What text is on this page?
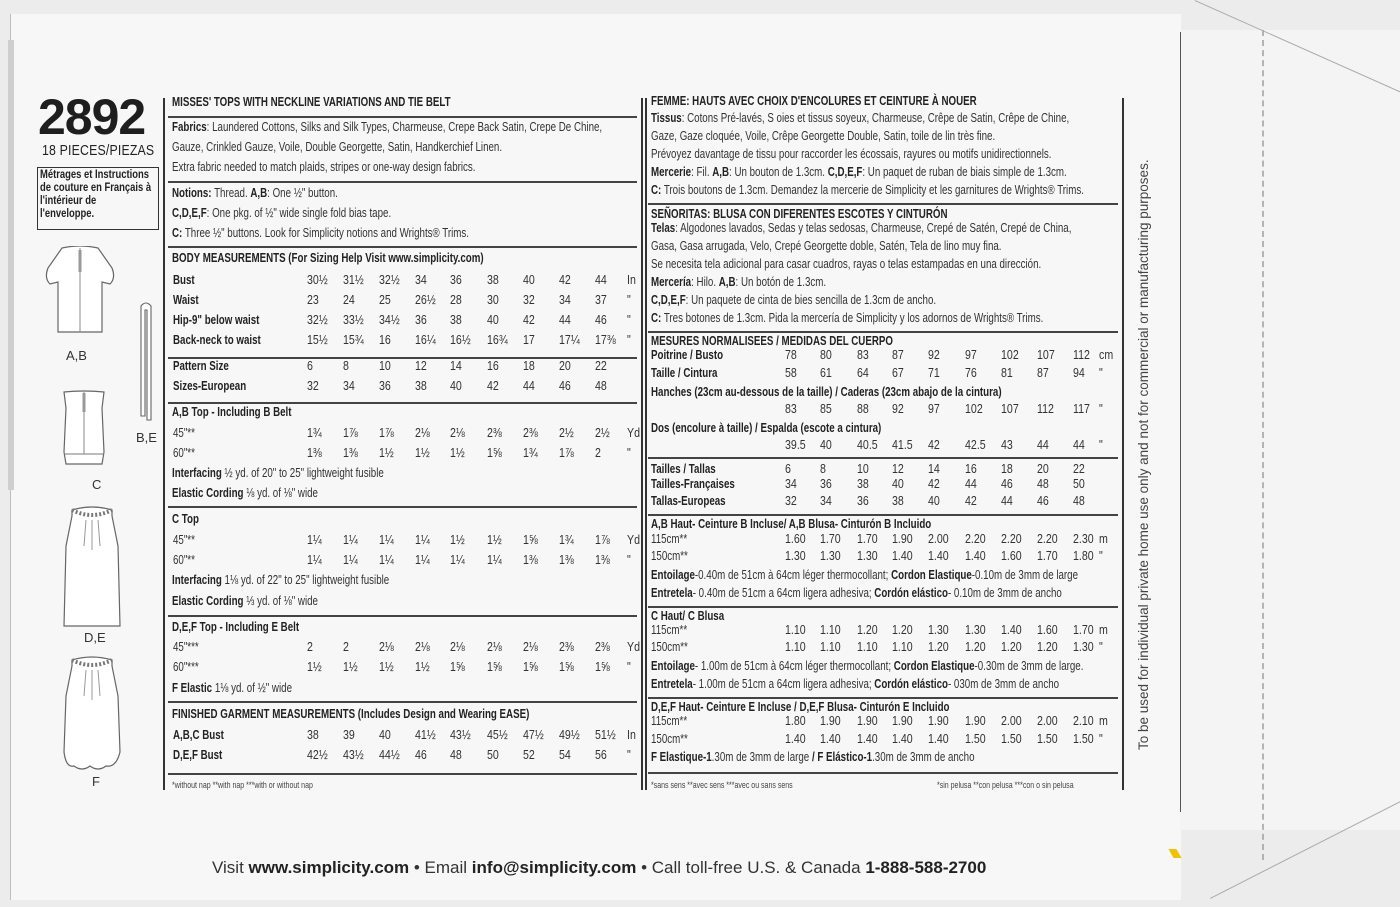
2892
18 PIECES/PIEZAS
Métrages et Instructions
de couture en Français à
l'intérieur de
l'enveloppe.
A,B
C
B,E
D,E
F
MISSES' TOPS WITH NECKLINE VARIATIONS AND TIE BELT
Fabrics: Laundered Cottons, Silks and Silk Types, Charmeuse, Crepe Back Satin, Crepe De Chine,
Gauze, Crinkled Gauze, Voile, Double Georgette, Satin, Handkerchief Linen.
Extra fabric needed to match plaids, stripes or one-way design fabrics.
Notions: Thread. A,B: One ½" button.
C,D,E,F: One pkg. of ½" wide single fold bias tape.
C: Three ½" buttons. Look for Simplicity notions and Wrights® Trims.
BODY MEASUREMENTS (For Sizing Help Visit www.simplicity.com)
Bust	30½ 31½ 32½ 34 36 38 40 42 44 In
Waist	23 24 25 26½ 28 30 32 34 37 "
Hip-9" below waist	32½ 33½ 34½ 36 38 40 42 44 46 "
Back-neck to waist	15½ 15¾ 16 16¼ 16½ 16¾ 17 17¼ 17⅜ "
Pattern Size	6 8 10 12 14 16 18 20 22
Sizes-European	32 34 36 38 40 42 44 46 48
A,B Top - Including B Belt
45"**	1¾ 1⅞ 1⅞ 2⅛ 2⅛ 2⅜ 2⅜ 2½ 2½ Yd
60"**	1⅜ 1⅜ 1½ 1½ 1½ 1⅝ 1¾ 1⅞ 2 "
Interfacing ½ yd. of 20" to 25" lightweight fusible
Elastic Cording ⅛ yd. of ⅛" wide
C Top
45"**	1¼ 1¼ 1¼ 1¼ 1½ 1½ 1⅝ 1¾ 1⅞ Yd
60"**	1¼ 1¼ 1¼ 1¼ 1¼ 1¼ 1⅜ 1⅜ 1⅜ "
Interfacing 1⅛ yd. of 22" to 25" lightweight fusible
Elastic Cording ⅓ yd. of ⅛" wide
D,E,F Top - Including E Belt
45"***	2 2 2⅛ 2⅛ 2⅛ 2⅛ 2⅛ 2⅜ 2⅜ Yd
60"***	1½ 1½ 1½ 1½ 1⅝ 1⅝ 1⅝ 1⅝ 1⅝ "
F Elastic 1⅛ yd. of ½" wide
FINISHED GARMENT MEASUREMENTS (Includes Design and Wearing EASE)
A,B,C Bust	38 39 40 41½ 43½ 45½ 47½ 49½ 51½ In
D,E,F Bust	42½ 43½ 44½ 46 48 50 52 54 56 "
*without nap **with nap ***with or without nap
FEMME: HAUTS AVEC CHOIX D'ENCOLURES ET CEINTURE À NOUER
Tissus: Cotons Pré-lavés, S oies et tissus soyeux, Charmeuse, Crêpe de Satin, Crêpe de Chine,
Gaze, Gaze cloquée, Voile, Crêpe Georgette Double, Satin, toile de lin très fine.
Prévoyez davantage de tissu pour raccorder les écossais, rayures ou motifs unidirectionnels.
Mercerie: Fil. A,B: Un bouton de 1.3cm. C,D,E,F: Un paquet de ruban de biais simple de 1.3cm.
C: Trois boutons de 1.3cm. Demandez la mercerie de Simplicity et les garnitures de Wrights® Trims.
SEÑORITAS: BLUSA CON DIFERENTES ESCOTES Y CINTURÓN
Telas: Algodones lavados, Sedas y telas sedosas, Charmeuse, Crepé de Satén, Crepé de China,
Gasa, Gasa arrugada, Velo, Crepé Georgette doble, Satén, Tela de lino muy fina.
Se necesita tela adicional para casar cuadros, rayas o telas estampadas en una dirección.
Mercería: Hilo. A,B: Un botón de 1.3cm.
C,D,E,F: Un paquete de cinta de bies sencilla de 1.3cm de ancho.
C: Tres botones de 1.3cm. Pida la mercería de Simplicity y los adornos de Wrights® Trims.
MESURES NORMALISEES / MEDIDAS DEL CUERPO
Poitrine / Busto	78 80 83 87 92 97 102 107 112 cm
Taille / Cintura	58 61 64 67 71 76 81 87 94 "
Hanches (23cm au-dessous de la taille) / Caderas (23cm abajo de la cintura)
83 85 88 92 97 102 107 112 117 "
Dos (encolure à taille) / Espalda (escote a cintura)
39.5 40 40.5 41.5 42 42.5 43 44 44 "
Tailles / Tallas	6 8 10 12 14 16 18 20 22
Tailles-Françaises	34 36 38 40 42 44 46 48 50
Tallas-Europeas	32 34 36 38 40 42 44 46 48
A,B Haut- Ceinture B Incluse/ A,B Blusa- Cinturón B Incluido
115cm**	1.60 1.70 1.70 1.90 2.00 2.20 2.20 2.20 2.30 m
150cm**	1.30 1.30 1.30 1.40 1.40 1.40 1.60 1.70 1.80 "
Entoilage-0.40m de 51cm à 64cm léger thermocollant; Cordon Elastique-0.10m de 3mm de large
Entretela- 0.40m de 51cm a 64cm ligera adhesiva; Cordón elástico- 0.10m de 3mm de ancho
C Haut/ C Blusa
115cm**	1.10 1.10 1.20 1.20 1.30 1.30 1.40 1.60 1.70 m
150cm**	1.10 1.10 1.10 1.10 1.20 1.20 1.20 1.20 1.30 "
Entoilage- 1.00m de 51cm à 64cm léger thermocollant; Cordon Elastique-0.30m de 3mm de large.
Entretela- 1.00m de 51cm a 64cm ligera adhesiva; Cordón elástico- 030m de 3mm de ancho
D,E,F Haut- Ceinture E Incluse / D,E,F Blusa- Cinturón E Incluido
115cm**	1.80 1.90 1.90 1.90 1.90 1.90 2.00 2.00 2.10 m
150cm**	1.40 1.40 1.40 1.40 1.40 1.50 1.50 1.50 1.50 "
F Elastique-1.30m de 3mm de large / F Elástico-1.30m de 3mm de ancho
*sans sens **avec sens ***avec ou sans sens	*sin pelusa **con pelusa ***con o sin pelusa
To be used for individual private home use only and not for commercial or manufacturing purposes.
Visit www.simplicity.com • Email info@simplicity.com • Call toll-free U.S. & Canada 1-888-588-2700
